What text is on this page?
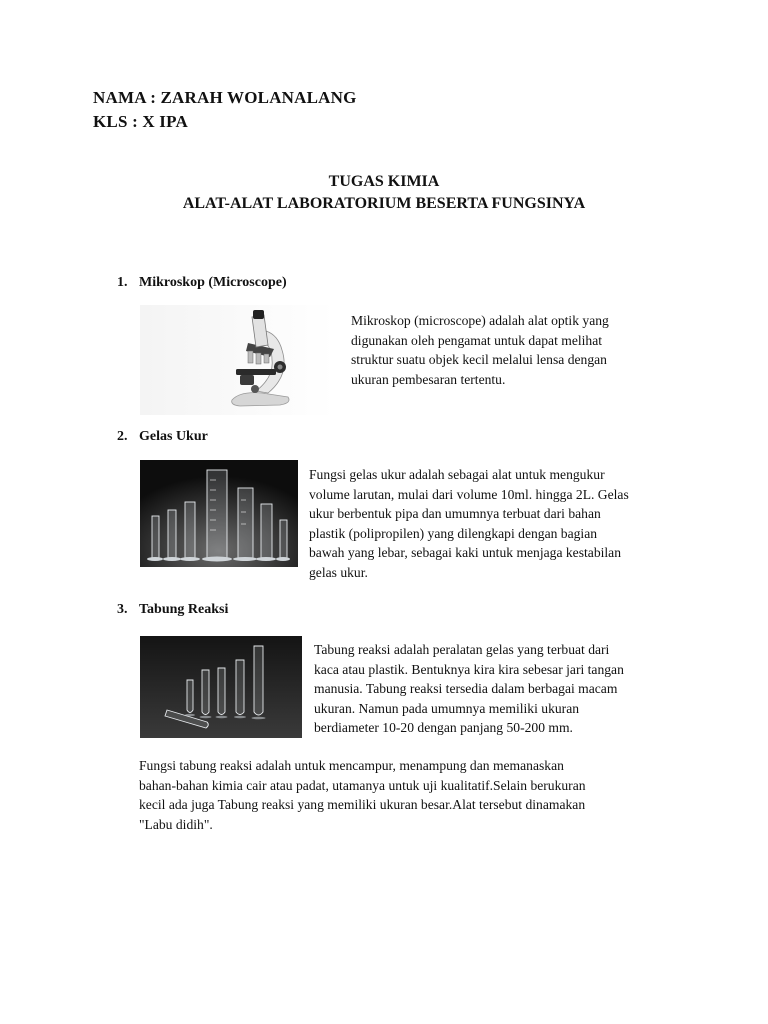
NAMA : ZARAH WOLANALANG
KLS : X IPA
TUGAS KIMIA
ALAT-ALAT LABORATORIUM BESERTA FUNGSINYA
1. Mikroskop (Microscope)
Mikroskop (microscope) adalah alat optik yang
digunakan oleh pengamat untuk dapat melihat
struktur suatu objek kecil melalui lensa dengan
ukuran pembesaran tertentu.
2. Gelas Ukur
Fungsi gelas ukur adalah sebagai alat untuk mengukur
volume larutan, mulai dari volume 10ml. hingga 2L. Gelas
ukur berbentuk pipa dan umumnya terbuat dari bahan
plastik (polipropilen) yang dilengkapi dengan bagian
bawah yang lebar, sebagai kaki untuk menjaga kestabilan
gelas ukur.
3. Tabung Reaksi
Tabung reaksi adalah peralatan gelas yang terbuat dari
kaca atau plastik. Bentuknya kira kira sebesar jari tangan
manusia. Tabung reaksi tersedia dalam berbagai macam
ukuran. Namun pada umumnya memiliki ukuran
berdiameter 10-20 dengan panjang 50-200 mm.
Fungsi tabung reaksi adalah untuk mencampur, menampung dan memanaskan
bahan-bahan kimia cair atau padat, utamanya untuk uji kualitatif.Selain berukuran
kecil ada juga Tabung reaksi yang memiliki ukuran besar.Alat tersebut dinamakan
"Labu didih".
